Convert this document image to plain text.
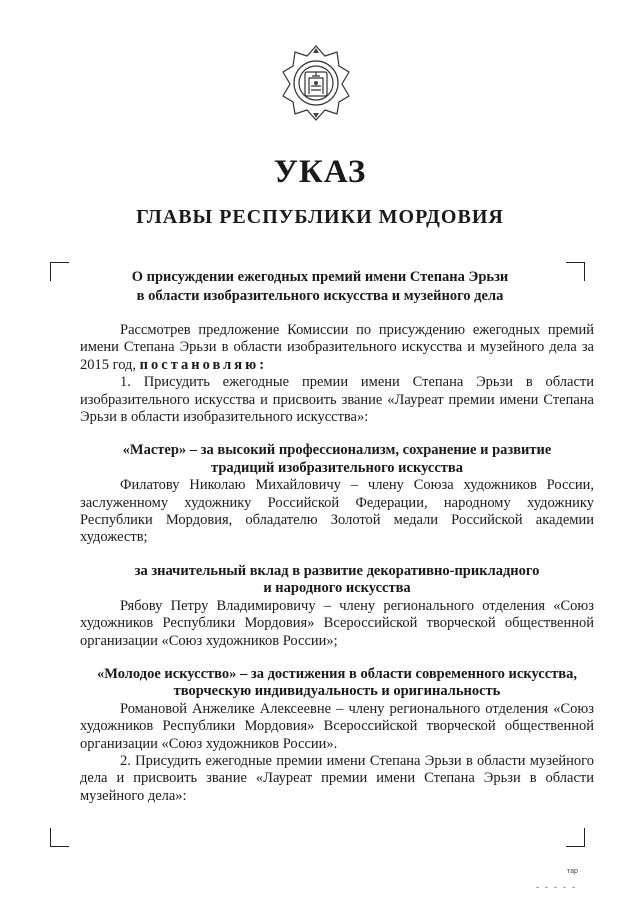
УКАЗ
ГЛАВЫ РЕСПУБЛИКИ МОРДОВИЯ
О присуждении ежегодных премий имени Степана Эрьзи
в области изобразительного искусства и музейного дела

Рассмотрев предложение Комиссии по присуждению ежегодных премий имени Степана Эрьзи в области изобразительного искусства и музейного дела за 2015 год, постановляю:

1. Присудить ежегодные премии имени Степана Эрьзи в области изобразительного искусства и присвоить звание «Лауреат премии имени Степана Эрьзи в области изобразительного искусства»:

«Мастер» – за высокий профессионализм, сохранение и развитие
традиций изобразительного искусства

Филатову Николаю Михайловичу – члену Союза художников России, заслуженному художнику Российской Федерации, народному художнику Республики Мордовия, обладателю Золотой медали Российской академии художеств;

за значительный вклад в развитие декоративно-прикладного
и народного искусства

Рябову Петру Владимировичу – члену регионального отделения «Союз художников Республики Мордовия» Всероссийской творческой общественной организации «Союз художников России»;

«Молодое искусство» – за достижения в области современного искусства,
творческую индивидуальность и оригинальность

Романовой Анжелике Алексеевне – члену регионального отделения «Союз художников Республики Мордовия» Всероссийской творческой общественной организации «Союз художников России».

2. Присудить ежегодные премии имени Степана Эрьзи в области музейного дела и присвоить звание «Лауреат премии имени Степана Эрьзи в области музейного дела»:

тар
-----
